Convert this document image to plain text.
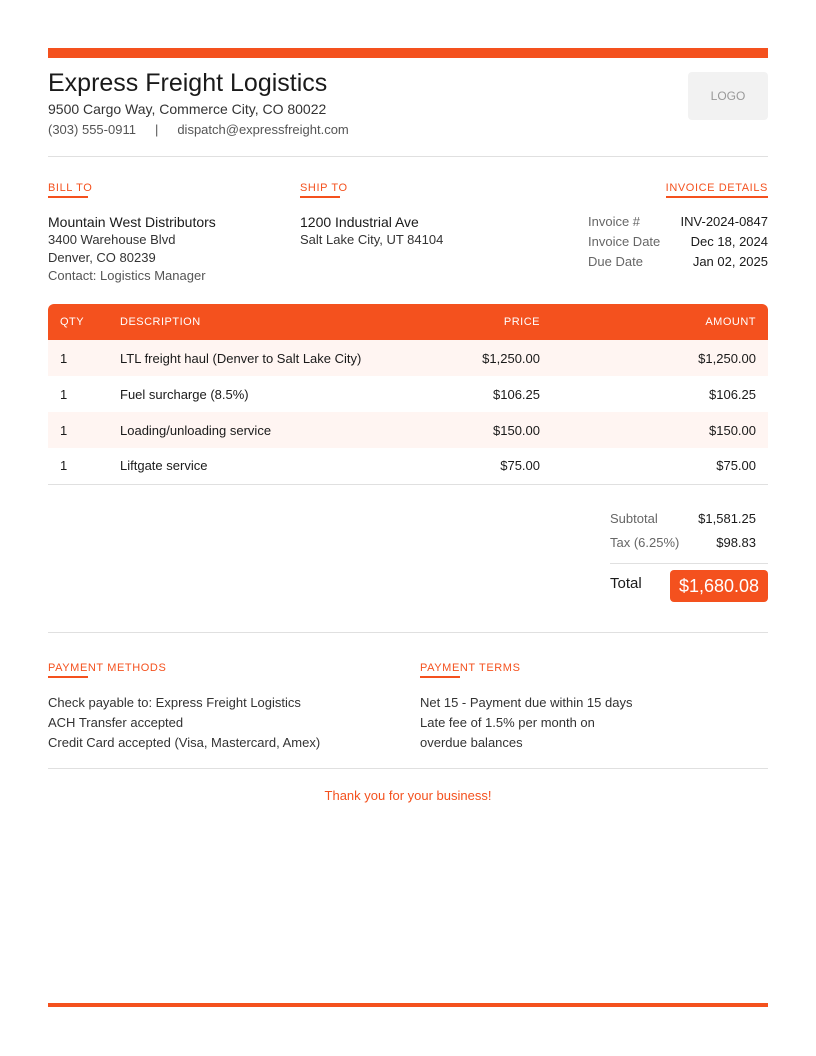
Express Freight Logistics
9500 Cargo Way, Commerce City, CO 80022
(303) 555-0911 | dispatch@expressfreight.com
LOGO
BILL TO
Mountain West Distributors
3400 Warehouse Blvd
Denver, CO 80239
Contact: Logistics Manager
SHIP TO
1200 Industrial Ave
Salt Lake City, UT 84104
INVOICE DETAILS
Invoice #	INV-2024-0847
Invoice Date Dec 18, 2024
Due Date	Jan 02, 2025
QTY	DESCRIPTION	PRICE	AMOUNT
1	LTL freight haul (Denver to Salt Lake City)	$1,250.00	$1,250.00
1	Fuel surcharge (8.5%)	$106.25	$106.25
1	Loading/unloading service	$150.00	$150.00
1	Liftgate service	$75.00	$75.00
Subtotal	$1,581.25
Tax (6.25%)	$98.83
Total	$1,680.08
PAYMENT METHODS
Check payable to: Express Freight Logistics
ACH Transfer accepted
Credit Card accepted (Visa, Mastercard, Amex)
PAYMENT TERMS
Net 15 - Payment due within 15 days
Late fee of 1.5% per month on
overdue balances
Thank you for your business!
